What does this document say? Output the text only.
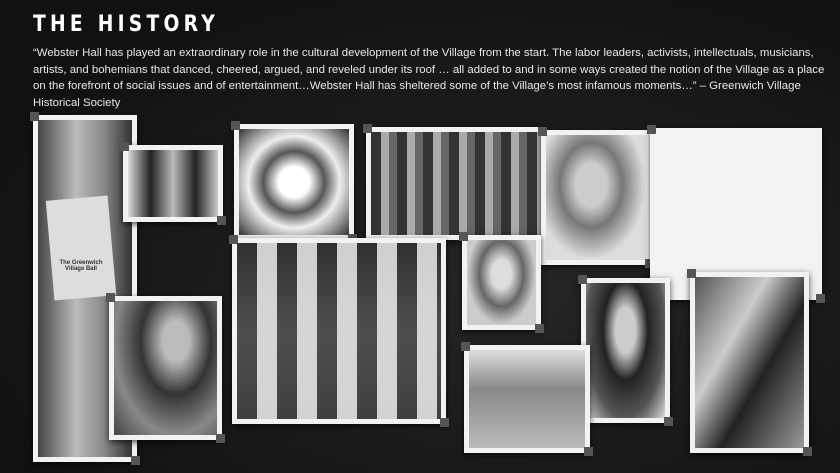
THE HISTORY
“Webster Hall has played an extraordinary role in the cultural development of the Village from the start. The labor leaders, activists, intellectuals, musicians, artists, and bohemians that danced, cheered, argued, and reveled under its roof … all added to and in some ways created the notion of the Village as a place on the forefront of social issues and of entertainment…Webster Hall has sheltered some of the Village’s most infamous moments…” – Greenwich Village Historical Society
The Greenwich Village Ball
